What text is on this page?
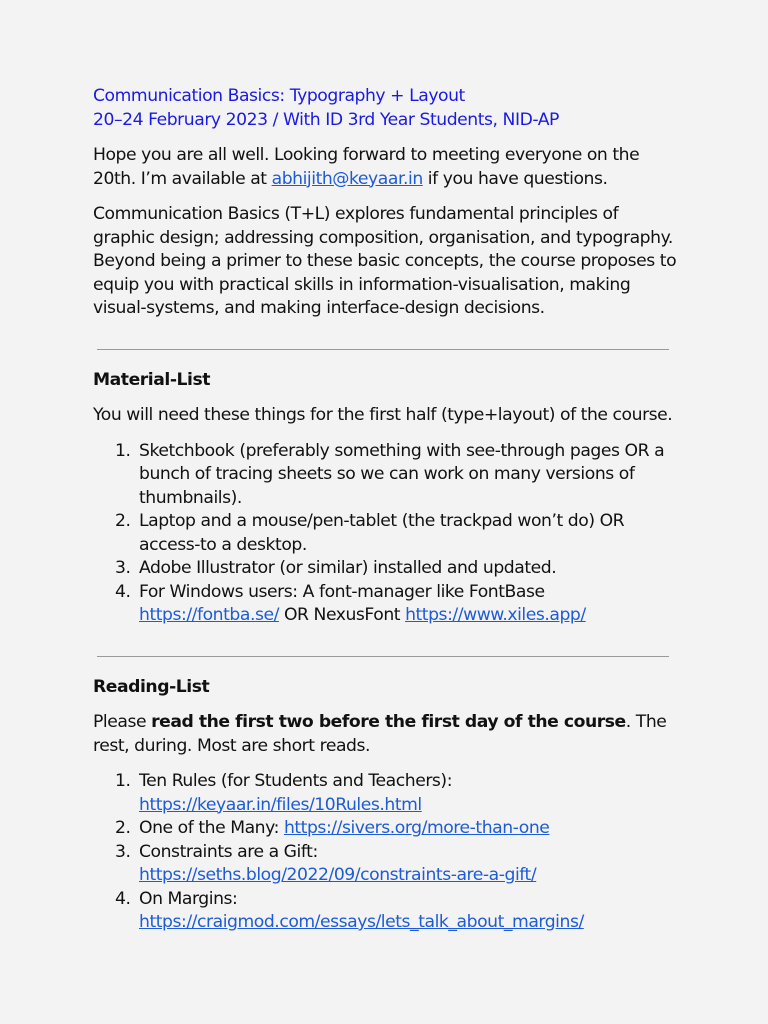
Communication Basics: Typography + Layout
20–24 February 2023 / With ID 3rd Year Students, NID-AP

Hope you are all well. Looking forward to meeting everyone on the 20th. I’m available at abhijith@keyaar.in if you have questions.

Communication Basics (T+L) explores fundamental principles of graphic design; addressing composition, organisation, and typography. Beyond being a primer to these basic concepts, the course proposes to equip you with practical skills in information-visualisation, making visual-systems, and making interface-design decisions.

Material-List

You will need these things for the first half (type+layout) of the course.

1. Sketchbook (preferably something with see-through pages OR a bunch of tracing sheets so we can work on many versions of thumbnails).
2. Laptop and a mouse/pen-tablet (the trackpad won’t do) OR access-to a desktop.
3. Adobe Illustrator (or similar) installed and updated.
4. For Windows users: A font-manager like FontBase https://fontba.se/ OR NexusFont https://www.xiles.app/
Reading-List

Please read the first two before the first day of the course. The rest, during. Most are short reads.

1. Ten Rules (for Students and Teachers):
https://keyaar.in/files/10Rules.html
2. One of the Many: https://sivers.org/more-than-one
3. Constraints are a Gift:
https://seths.blog/2022/09/constraints-are-a-gift/
4. On Margins:
https://craigmod.com/essays/lets_talk_about_margins/
